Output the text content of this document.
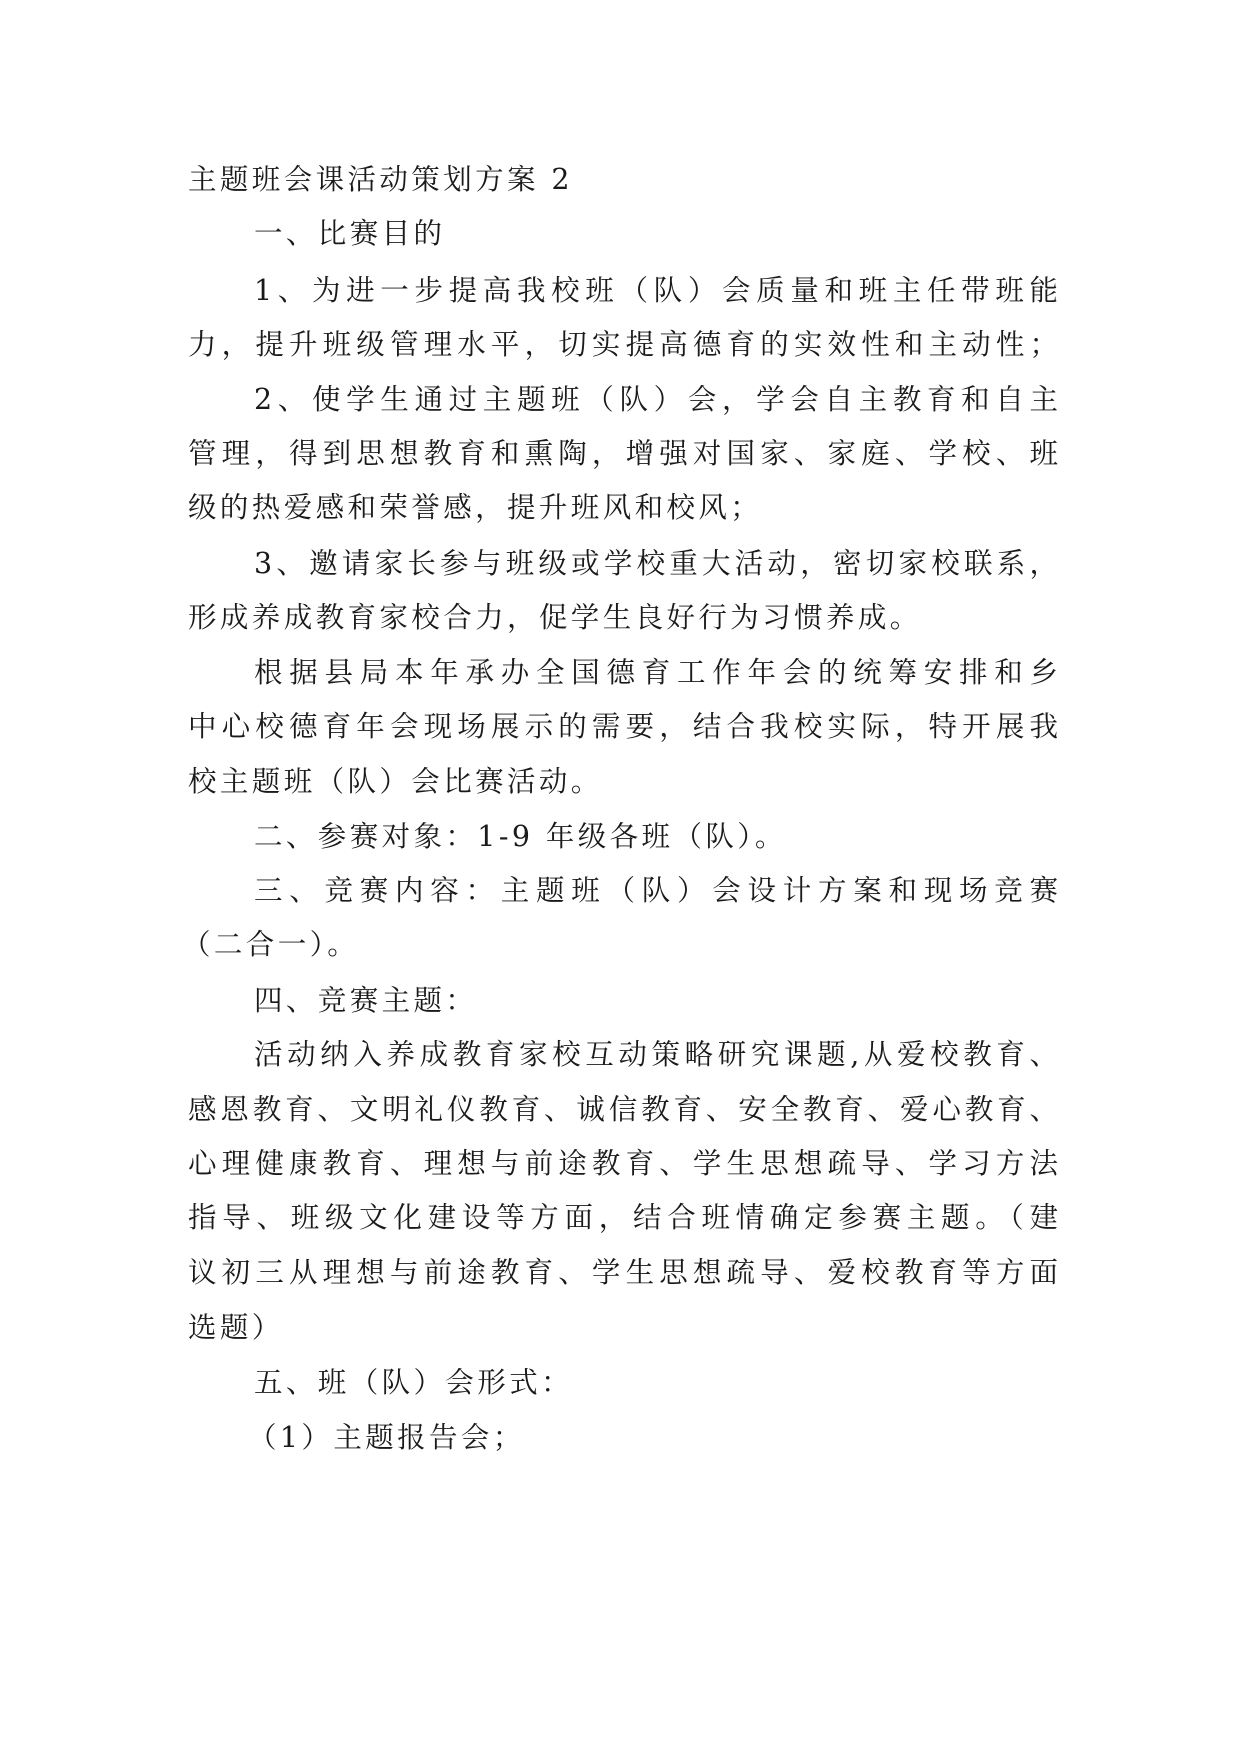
主题班会课活动策划方案 2
一、比赛目的
1、为进一步提高我校班（队）会质量和班主任带班能
力，提升班级管理水平，切实提高德育的实效性和主动性；
2、使学生通过主题班（队）会，学会自主教育和自主
管理，得到思想教育和熏陶，增强对国家、家庭、学校、班
级的热爱感和荣誉感，提升班风和校风；
3、邀请家长参与班级或学校重大活动，密切家校联系，
形成养成教育家校合力，促学生良好行为习惯养成。
根据县局本年承办全国德育工作年会的统筹安排和乡
中心校德育年会现场展示的需要，结合我校实际，特开展我
校主题班（队）会比赛活动。
二、参赛对象：1-9 年级各班（队）。
三、竞赛内容：主题班（队）会设计方案和现场竞赛
（二合一）。
四、竞赛主题：
活动纳入养成教育家校互动策略研究课题,从爱校教育、
感恩教育、文明礼仪教育、诚信教育、安全教育、爱心教育、
心理健康教育、理想与前途教育、学生思想疏导、学习方法
指导、班级文化建设等方面，结合班情确定参赛主题。（建
议初三从理想与前途教育、学生思想疏导、爱校教育等方面
选题）
五、班（队）会形式：
（1）主题报告会；
